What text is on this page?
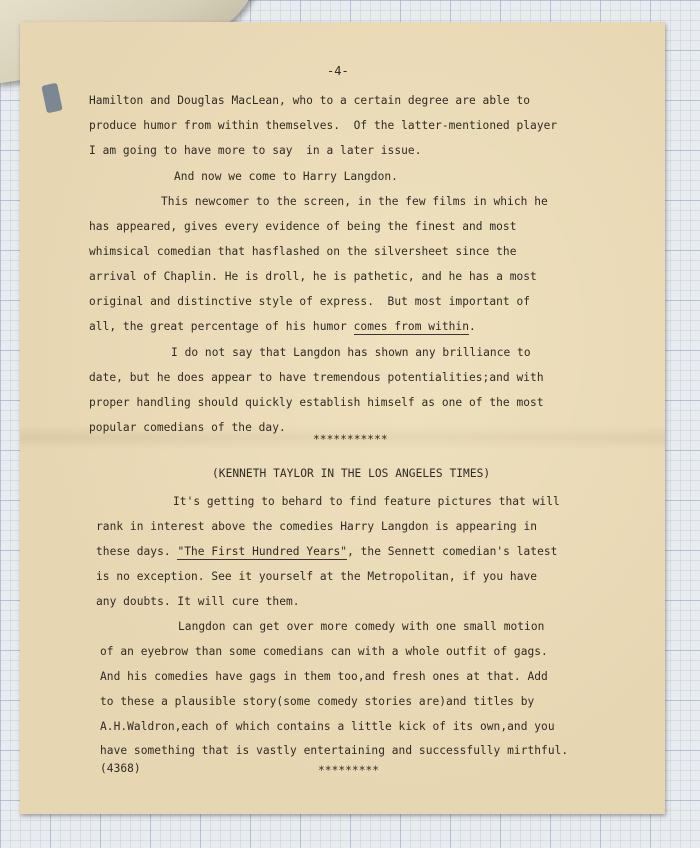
-4-
Hamilton and Douglas MacLean, who to a certain degree are able to
produce humor from within themselves.  Of the latter-mentioned player
I am going to have more to say  in a later issue.
And now we come to Harry Langdon.
This newcomer to the screen, in the few films in which he
has appeared, gives every evidence of being the finest and most
whimsical comedian that hasflashed on the silversheet since the
arrival of Chaplin. He is droll, he is pathetic, and he has a most
original and distinctive style of express.  But most important of
all, the great percentage of his humor comes from within.
I do not say that Langdon has shown any brilliance to
date, but he does appear to have tremendous potentialities;and with
proper handling should quickly establish himself as one of the most
popular comedians of the day.
***********
(KENNETH TAYLOR IN THE LOS ANGELES TIMES)
It's getting to behard to find feature pictures that will
rank in interest above the comedies Harry Langdon is appearing in
these days. "The First Hundred Years", the Sennett comedian's latest
is no exception. See it yourself at the Metropolitan, if you have
any doubts. It will cure them.
Langdon can get over more comedy with one small motion
of an eyebrow than some comedians can with a whole outfit of gags.
And his comedies have gags in them too,and fresh ones at that. Add
to these a plausible story(some comedy stories are)and titles by
A.H.Waldron,each of which contains a little kick of its own,and you
have something that is vastly entertaining and successfully mirthful.
(4368)	*********
